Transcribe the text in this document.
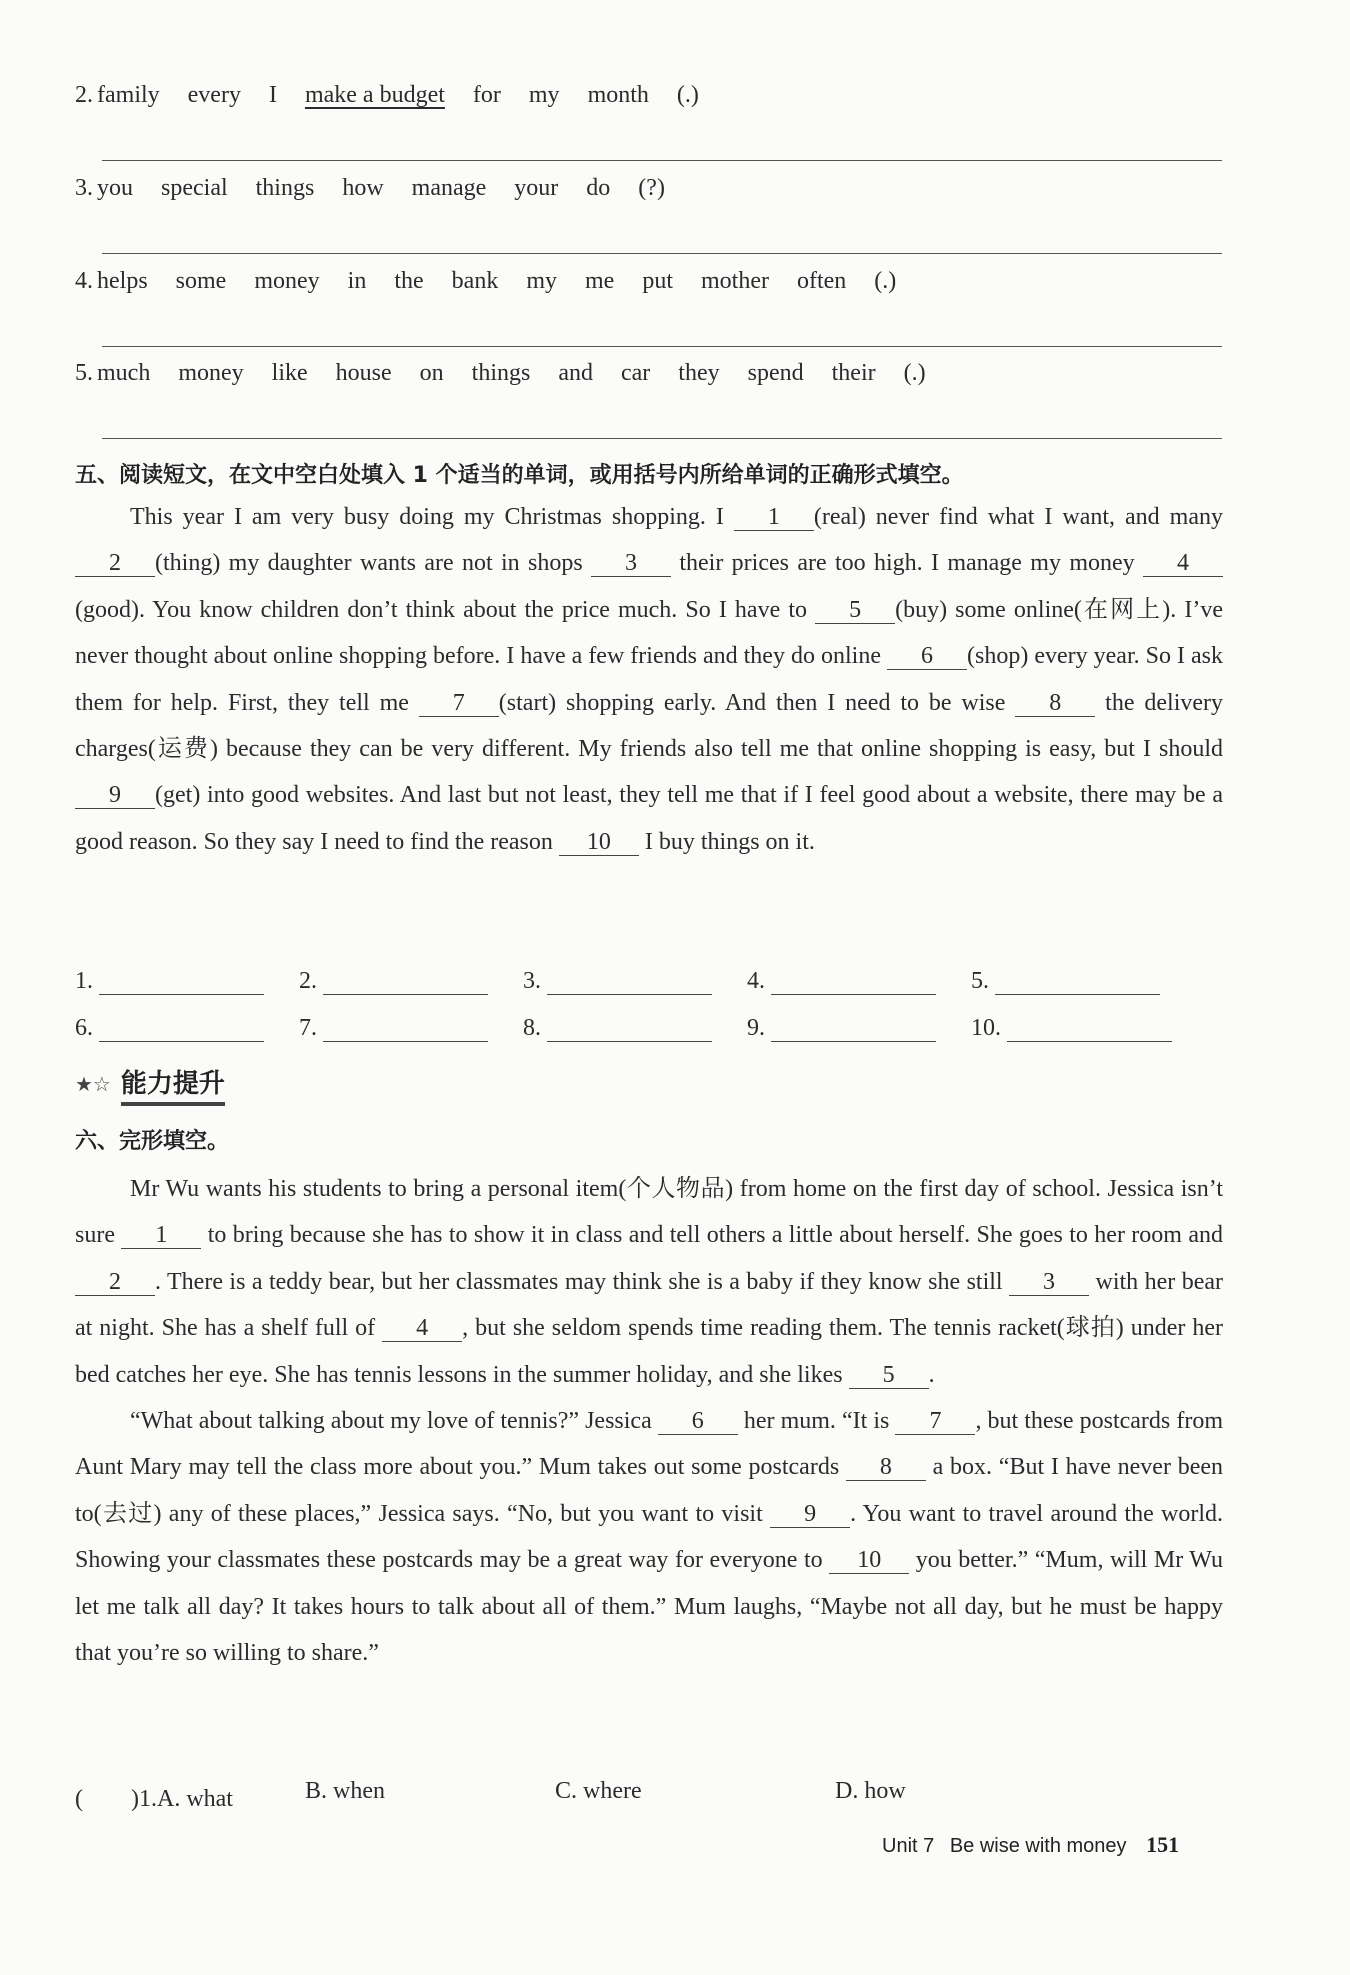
2. family every I make a budget for my month (.)
3. you special things how manage your do (?)
4. helps some money in the bank my me put mother often (.)
5. much money like house on things and car they spend their (.)
五、阅读短文，在文中空白处填入 1 个适当的单词，或用括号内所给单词的正确形式填空。

This year I am very busy doing my Christmas shopping. I 1 (real) never find what I want, and many 2 (thing) my daughter wants are not in shops 3 their prices are too high. I manage my money 4(good). You know children don’t think about the price much. So I have to 5 (buy) some online(在网上). I’ve never thought about online shopping before. I have a few friends and they do online 6 (shop) every year. So I ask them for help. First, they tell me 7 (start) shopping early. And then I need to be wise 8 the delivery charges(运费) because they can be very different. My friends also tell me that online shopping is easy, but I should 9 (get) into good websites. And last but not least, they tell me that if I feel good about a website, there may be a good reason. So they say I need to find the reason 10 I buy things on it.

1.	2.	3.	4.	5.
6.	7.	8.	9.	10.
★☆ 能力提升
六、完形填空。

Mr Wu wants his students to bring a personal item(个人物品) from home on the first day of school. Jessica isn’t sure 1 to bring because she has to show it in class and tell others a little about herself. She goes to her room and 2 . There is a teddy bear, but her classmates may think she is a baby if they know she still 3 with her bear at night. She has a shelf full of 4 , but she seldom spends time reading them. The tennis racket(球拍) under her bed catches her eye. She has tennis lessons in the summer holiday, and she likes 5 .

“What about talking about my love of tennis?” Jessica 6 her mum. “It is 7 , but these postcards from Aunt Mary may tell the class more about you.” Mum takes out some postcards 8 a box. “But I have never been to(去过) any of these places,” Jessica says. “No, but you want to visit 9 . You want to travel around the world. Showing your classmates these postcards may be a great way for everyone to 10 you better.” “Mum, will Mr Wu let me talk all day? It takes hours to talk about all of them.” Mum laughs, “Maybe not all day, but he must be happy that you’re so willing to share.”

(　　)1.A. what	B. when	C. where	D. how
Unit 7 Be wise with money 151
